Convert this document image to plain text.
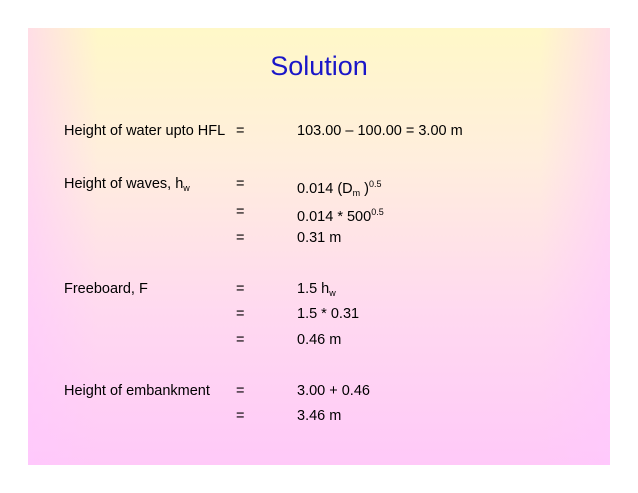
Solution
Height of water upto HFL =	103.00 – 100.00 = 3.00 m
Height of waves, $h_w$	=	0.014 ($D_m$ )$^{0.5}$
=	$0.014 * 500^{0.5}$
=	0.31 m
Freeboard, F	=	1.5 $h_w$
=	1.5 * 0.31
=	0.46 m
Height of embankment =	3.00 + 0.46
=	3.46 m
